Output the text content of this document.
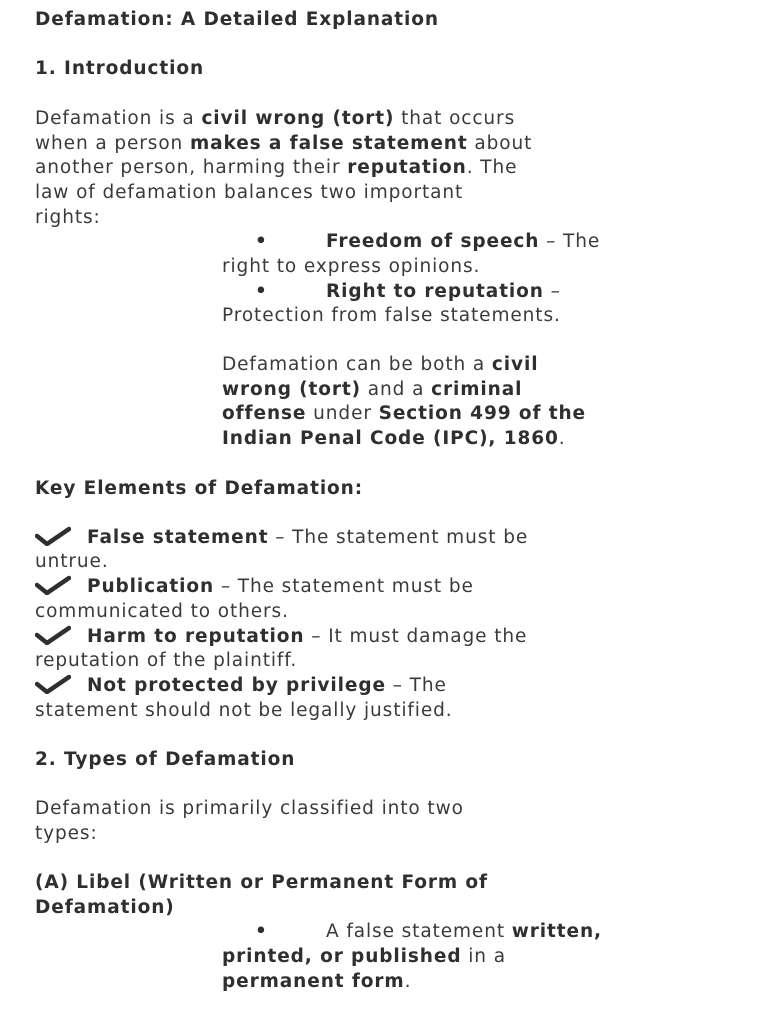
Defamation: A Detailed Explanation
1. Introduction
Defamation is a civil wrong (tort) that occurs
when a person makes a false statement about
another person, harming their reputation. The
law of defamation balances two important
rights:
•	Freedom of speech – The
right to express opinions.
•	Right to reputation –
Protection from false statements.
Defamation can be both a civil
wrong (tort) and a criminal
offense under Section 499 of the
Indian Penal Code (IPC), 1860.
Key Elements of Defamation:
False statement – The statement must be
untrue.
Publication – The statement must be
communicated to others.
Harm to reputation – It must damage the
reputation of the plaintiff.
Not protected by privilege – The
statement should not be legally justified.
2. Types of Defamation
Defamation is primarily classified into two
types:
(A) Libel (Written or Permanent Form of
Defamation)
•	A false statement written,
printed, or published in a
permanent form.
